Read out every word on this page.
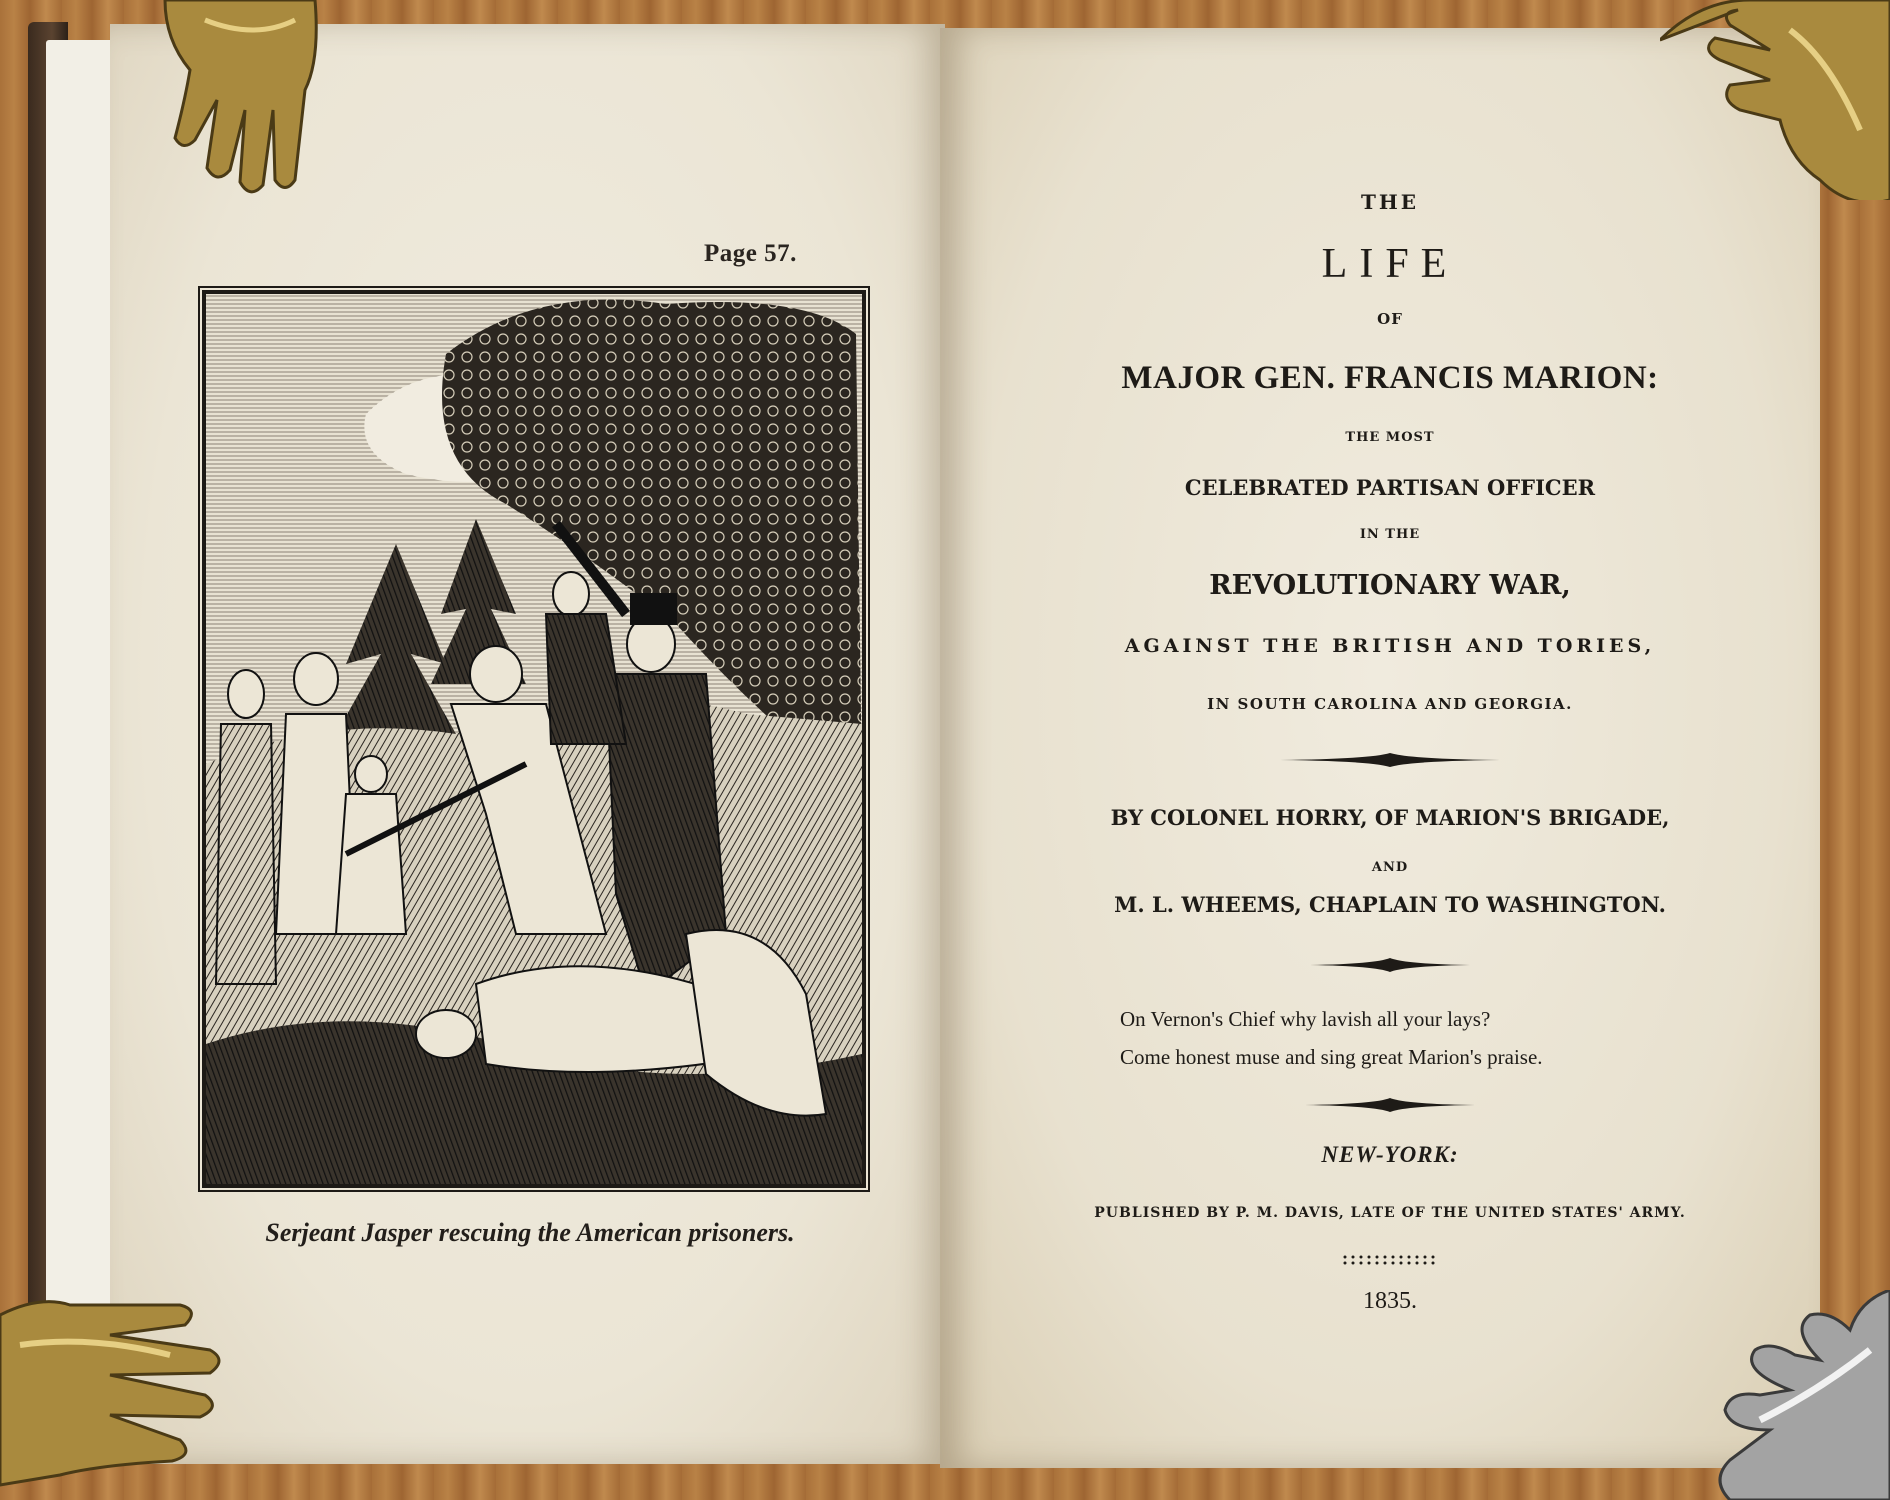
Page 57.
Serjeant Jasper rescuing the American prisoners.
THE
LIFE
OF
MAJOR GEN. FRANCIS MARION:
THE MOST
CELEBRATED PARTISAN OFFICER
IN THE
REVOLUTIONARY WAR,
AGAINST THE BRITISH AND TORIES,
IN SOUTH CAROLINA AND GEORGIA.
BY COLONEL HORRY, OF MARION'S BRIGADE,
AND
M. L. WHEEMS, CHAPLAIN TO WASHINGTON.
On Vernon's Chief why lavish all your lays?
Come honest muse and sing great Marion's praise.
NEW-YORK:
PUBLISHED BY P. M. DAVIS, LATE OF THE UNITED STATES' ARMY.
1835.
